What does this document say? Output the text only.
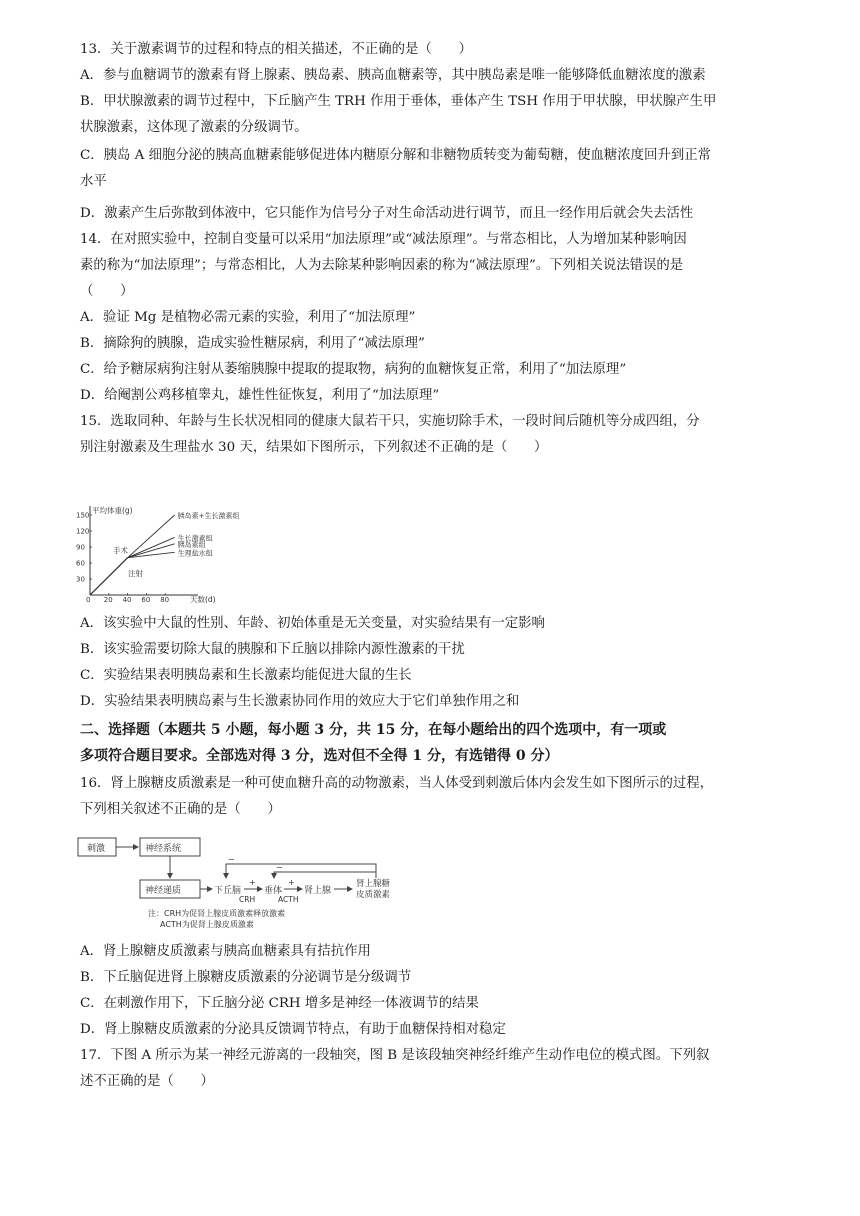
13．关于激素调节的过程和特点的相关描述，不正确的是（　　）
A．参与血糖调节的激素有肾上腺素、胰岛素、胰高血糖素等，其中胰岛素是唯一能够降低血糖浓度的激素
B．甲状腺激素的调节过程中，下丘脑产生 TRH 作用于垂体，垂体产生 TSH 作用于甲状腺，甲状腺产生甲
状腺激素，这体现了激素的分级调节。
C．胰岛 A 细胞分泌的胰高血糖素能够促进体内糖原分解和非糖物质转变为葡萄糖，使血糖浓度回升到正常
水平
D．激素产生后弥散到体液中，它只能作为信号分子对生命活动进行调节，而且一经作用后就会失去活性
14．在对照实验中，控制自变量可以采用“加法原理”或“减法原理”。与常态相比，人为增加某种影响因
素的称为“加法原理”；与常态相比，人为去除某种影响因素的称为“减法原理”。下列相关说法错误的是
（　　）
A．验证 Mg 是植物必需元素的实验，利用了“加法原理”
B．摘除狗的胰腺，造成实验性糖尿病，利用了“减法原理”
C．给予糖尿病狗注射从萎缩胰腺中提取的提取物，病狗的血糖恢复正常，利用了“加法原理”
D．给阉割公鸡移植睾丸，雄性性征恢复，利用了“加法原理”
15．选取同种、年龄与生长状况相同的健康大鼠若干只，实施切除手术，一段时间后随机等分成四组，分
别注射激素及生理盐水 30 天，结果如下图所示，下列叙述不正确的是（　　）
平均体重(g)
天数(d)
0
手术
注射
20 40 60 80
30
60
90
120
150	胰岛素+生长激素组
生长激素组
胰岛素组
生理盐水组
A．该实验中大鼠的性别、年龄、初始体重是无关变量，对实验结果有一定影响
B．该实验需要切除大鼠的胰腺和下丘脑以排除内源性激素的干扰
C．实验结果表明胰岛素和生长激素均能促进大鼠的生长
D．实验结果表明胰岛素与生长激素协同作用的效应大于它们单独作用之和
二、选择题（本题共 5 小题，每小题 3 分，共 15 分，在每小题给出的四个选项中，有一项或
多项符合题目要求。全部选对得 3 分，选对但不全得 1 分，有选错得 0 分）
16．肾上腺糖皮质激素是一种可使血糖升高的动物激素，当人体受到刺激后体内会发生如下图所示的过程，
下列相关叙述不正确的是（　　）
刺激	神经系统
神经递质	下丘脑
+
CRH
垂体
+
ACTH
肾上腺
肾上腺糖
皮质激素
−
−
注：CRH为促肾上腺皮质激素释放激素
ACTH为促肾上腺皮质激素
A．肾上腺糖皮质激素与胰高血糖素具有拮抗作用
B．下丘脑促进肾上腺糖皮质激素的分泌调节是分级调节
C．在刺激作用下，下丘脑分泌 CRH 增多是神经一体液调节的结果
D．肾上腺糖皮质激素的分泌具反馈调节特点，有助于血糖保持相对稳定
17．下图 A 所示为某一神经元游离的一段轴突，图 B 是该段轴突神经纤维产生动作电位的模式图。下列叙
述不正确的是（　　）
